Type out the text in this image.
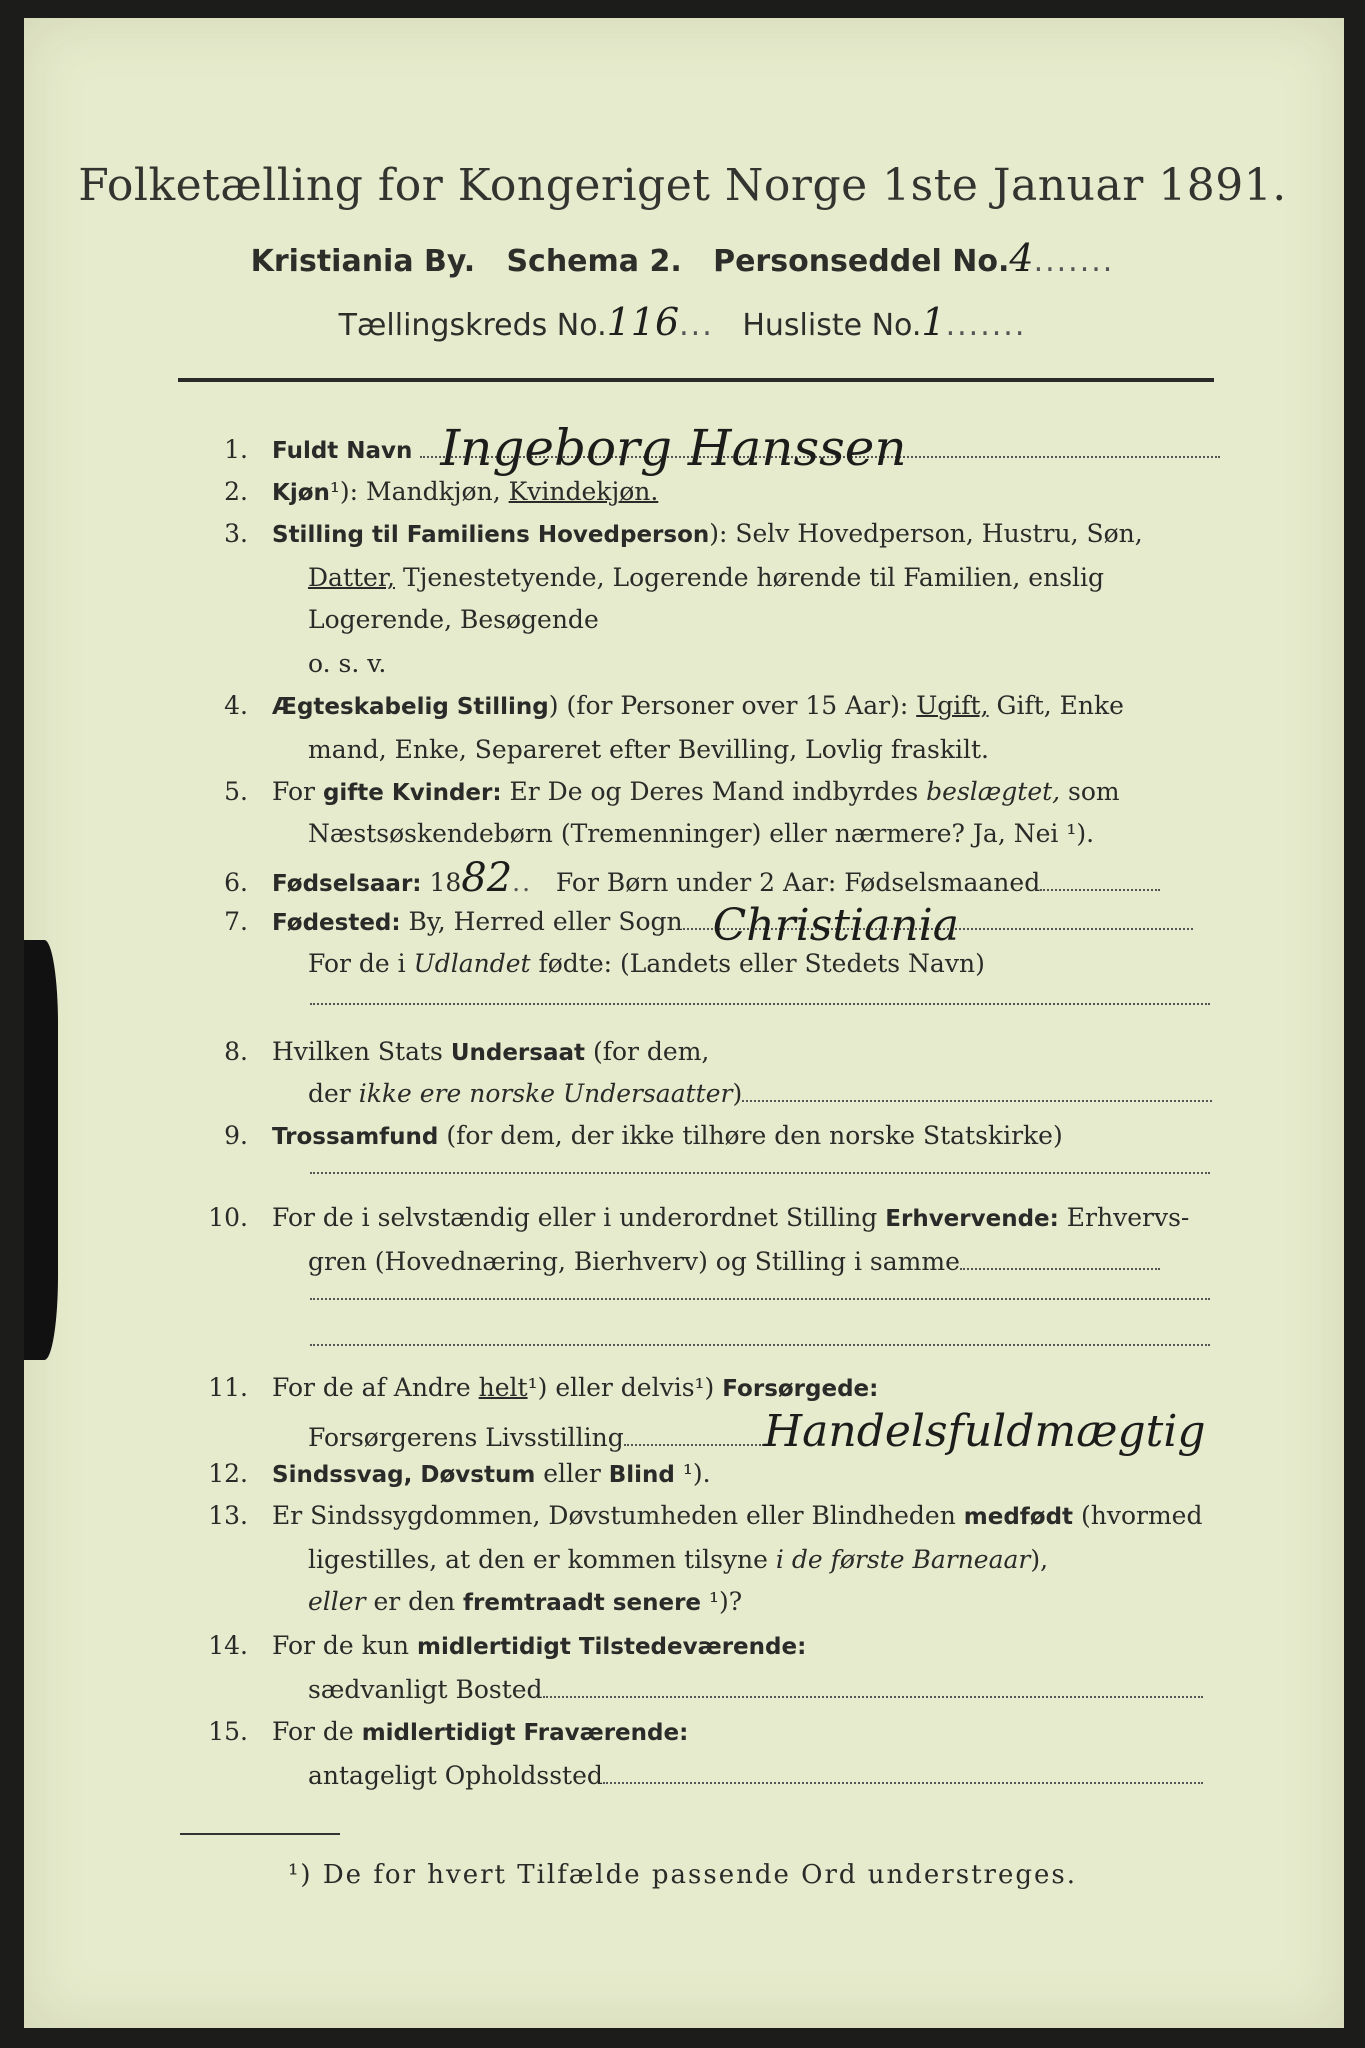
Folketælling for Kongeriget Norge 1ste Januar 1891.
Kristiania By. Schema 2. Personseddel No.4.......
Tællingskreds No.116... Husliste No.1.......
1. Fuldt Navn Ingeborg Hanssen
2. Kjøn¹): Mandkjøn, Kvindekjøn.
3. Stilling til Familiens Hovedperson): Selv Hovedperson, Hustru, Søn,
Datter, Tjenestetyende, Logerende hørende til Familien, enslig
Logerende, Besøgende
o. s. v.
4. Ægteskabelig Stilling) (for Personer over 15 Aar): Ugift, Gift, Enke
mand, Enke, Separeret efter Bevilling, Lovlig fraskilt.
5. For gifte Kvinder: Er De og Deres Mand indbyrdes beslægtet, som
Næstsøskendebørn (Tremenninger) eller nærmere? Ja, Nei ¹).
6. Fødselsaar: 1882.. For Børn under 2 Aar: Fødselsmaaned
7. Fødested: By, Herred eller Sogn Christiania
For de i Udlandet fødte: (Landets eller Stedets Navn)
8. Hvilken Stats Undersaat (for dem,
der ikke ere norske Undersaatter)
9. Trossamfund (for dem, der ikke tilhøre den norske Statskirke)
10. For de i selvstændig eller i underordnet Stilling Erhvervende: Erhvervs-
gren (Hovednæring, Bierhverv) og Stilling i samme
11. For de af Andre helt¹) eller delvis¹) Forsørgede:
Forsørgerens Livsstilling	Handelsfuldmægtig
12. Sindssvag, Døvstum eller Blind ¹).
13. Er Sindssygdommen, Døvstumheden eller Blindheden medfødt (hvormed
ligestilles, at den er kommen tilsyne i de første Barneaar),
eller er den fremtraadt senere ¹)?
14. For de kun midlertidigt Tilstedeværende:
sædvanligt Bosted
15. For de midlertidigt Fraværende:
antageligt Opholdssted
¹) De for hvert Tilfælde passende Ord understreges.
